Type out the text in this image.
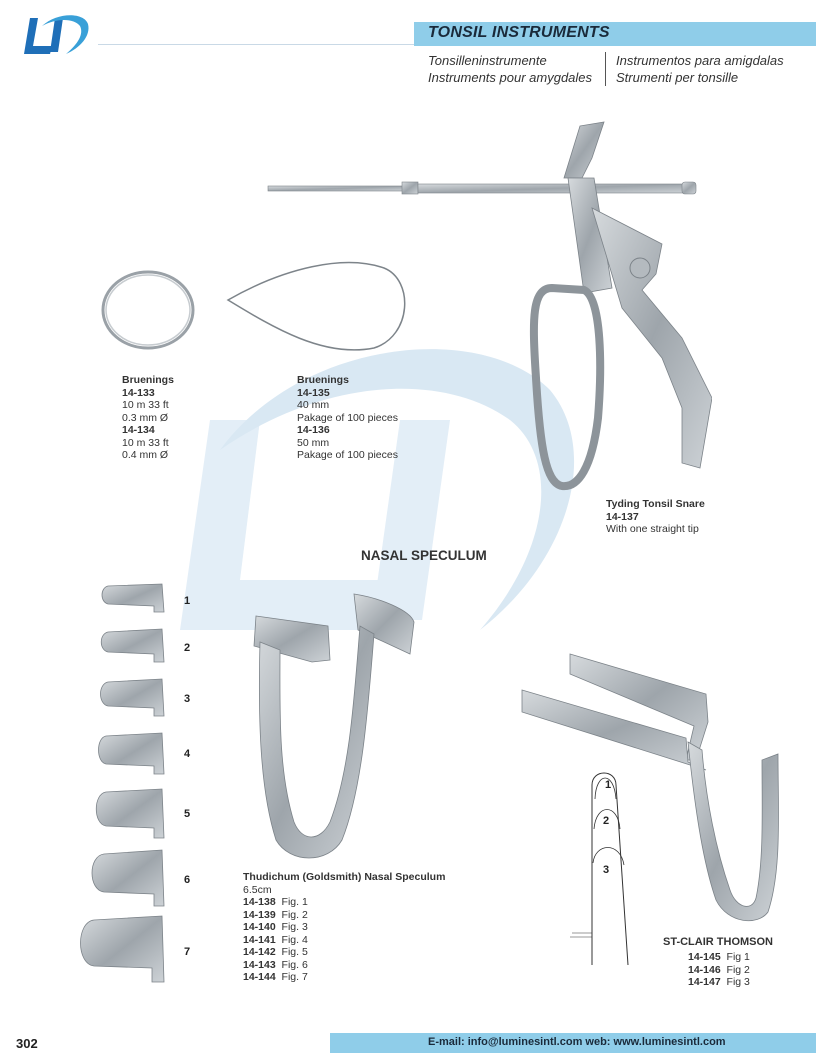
TONSIL INSTRUMENTS
Tonsilleninstrumente
Instruments pour amygdales
Instrumentos para amigdalas
Strumenti per tonsille
Bruenings
14-133
10 m 33 ft
0.3 mm Ø
14-134
10 m 33 ft
0.4 mm Ø
Bruenings
14-135
40 mm
Pakage of 100 pieces
14-136
50 mm
Pakage of 100 pieces
Tyding Tonsil Snare
14-137
With one straight tip
NASAL SPECULUM
1
2
3
4
5
6
7
Thudichum (Goldsmith) Nasal Speculum
6.5cm
14-138 Fig. 1
14-139 Fig. 2
14-140 Fig. 3
14-141 Fig. 4
14-142 Fig. 5
14-143 Fig. 6
14-144 Fig. 7
1
2
3
ST-CLAIR THOMSON
14-145 Fig 1
14-146 Fig 2
14-147 Fig 3
302	E-mail: info@luminesintl.com web: www.luminesintl.com
